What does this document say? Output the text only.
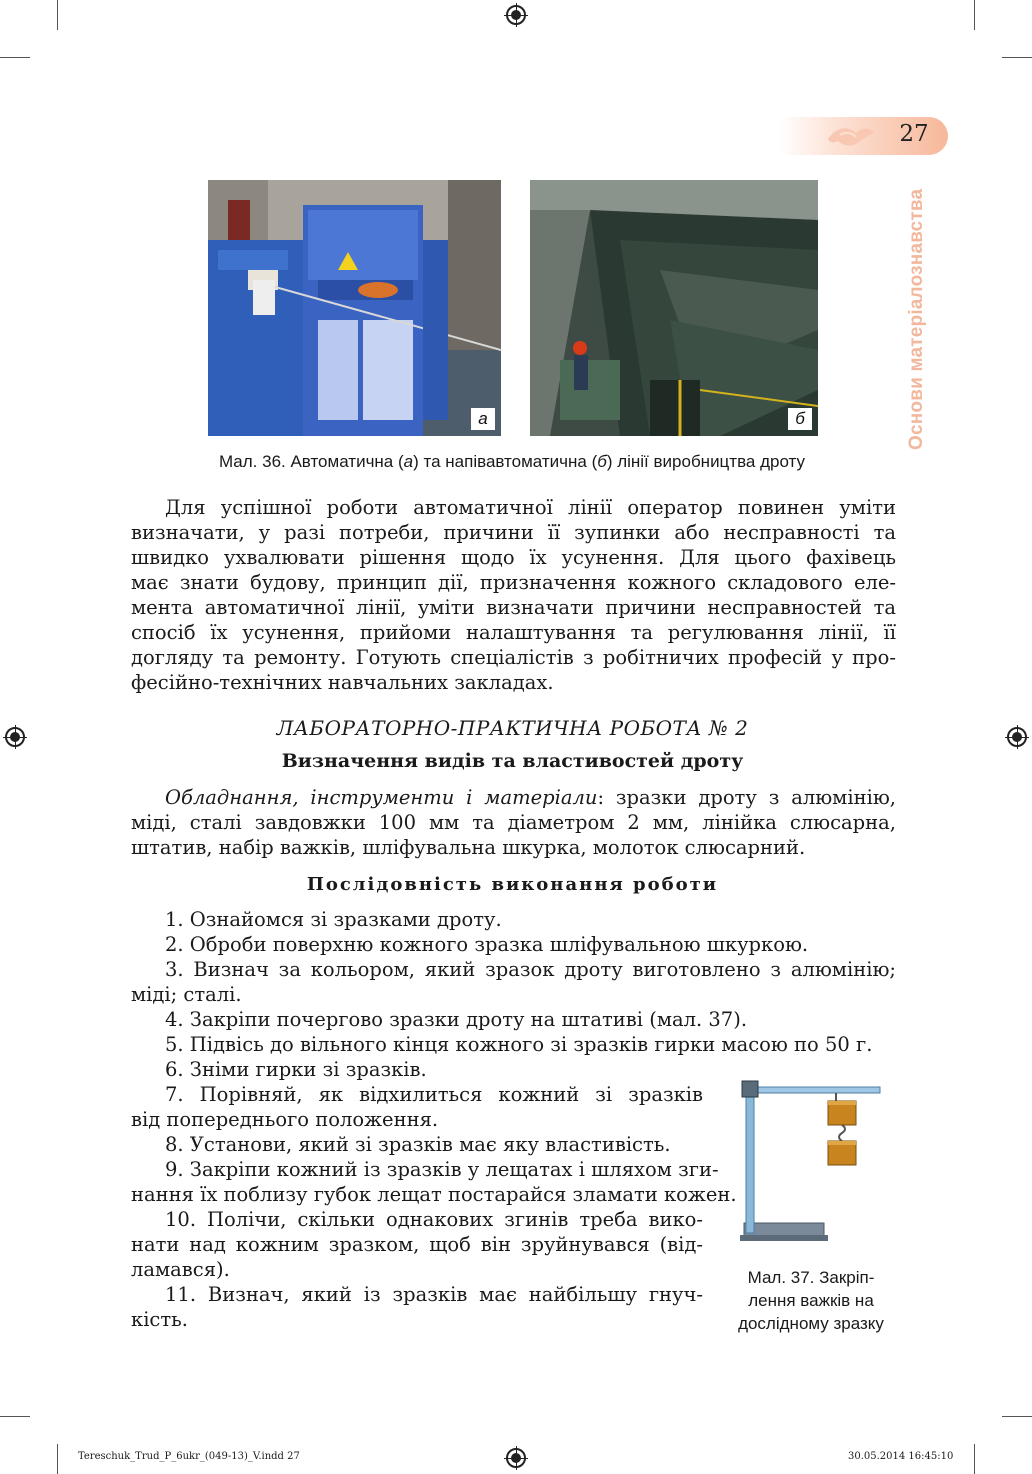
27
Основи матеріалознавства
а	б
Мал. 36. Автоматична (а) та напівавтоматична (б) лінії виробництва дроту
Для успішної роботи автоматичної лінії оператор повинен уміти
визначати, у разі потреби, причини її зупинки або несправності та
швидко ухвалювати рішення щодо їх усунення. Для цього фахівець
має знати будову, принцип дії, призначення кожного складового еле-
мента автоматичної лінії, уміти визначати причини несправностей та
спосіб їх усунення, прийоми налаштування та регулювання лінії, її
догляду та ремонту. Готують спеціалістів з робітничих професій у про-
фесійно-технічних навчальних закладах.
ЛАБОРАТОРНО-ПРАКТИЧНА РОБОТА № 2
Визначення видів та властивостей дроту
Обладнання, інструменти і матеріали: зразки дроту з алюмінію,
міді, сталі завдовжки 100 мм та діаметром 2 мм, лінійка слюсарна,
штатив, набір важків, шліфувальна шкурка, молоток слюсарний.
Послідовність виконання роботи
1. Ознайомся зі зразками дроту.
2. Оброби поверхню кожного зразка шліфувальною шкуркою.
3. Визнач за кольором, який зразок дроту виготовлено з алюмінію;
міді; сталі.
4. Закріпи почергово зразки дроту на штативі (мал. 37).
5. Підвісь до вільного кінця кожного зі зразків гирки масою по 50 г.
6. Зніми гирки зі зразків.
7. Порівняй, як відхилиться кожний зі зразків
від попереднього положення.
8. Установи, який зі зразків має яку властивість.
9. Закріпи кожний із зразків у лещатах і шляхом зги-
нання їх поблизу губок лещат постарайся зламати кожен.
10. Полічи, скільки однакових згинів треба вико-
нати над кожним зразком, щоб він зруйнувався (від-
ламався).
11. Визнач, який із зразків має найбільшу гнуч-
кість.
Мал. 37. Закріп-
лення важків на
дослідному зразку
Tereschuk_Trud_P_6ukr_(049-13)_V.indd 27	30.05.2014 16:45:10
